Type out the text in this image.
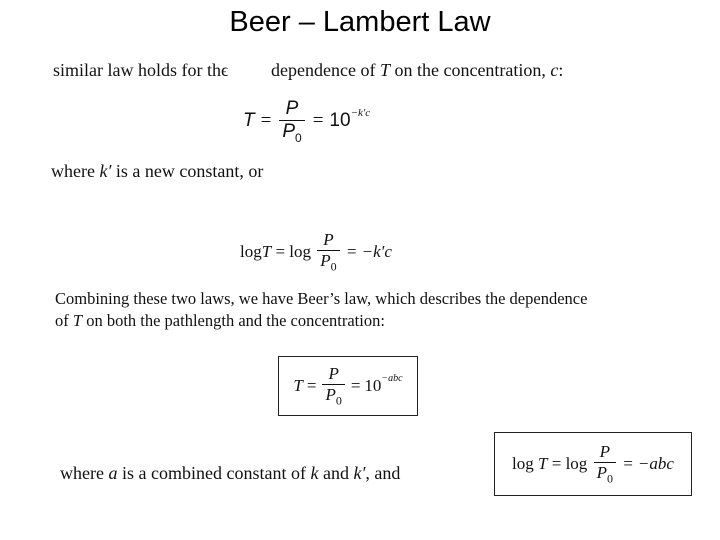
Beer – Lambert Law
similar law holds for thϵ dependence of T on the concentration, c:
$T = \frac{P}{P_0} = 10 -k'c$
where k′ is a new constant, or
$\log T = \log \frac{P}{P_0} = -k'c$
Combining these two laws, we have Beer’s law, which describes the dependence
of T on both the pathlength and the concentration:
$T = \frac{P}{P_0} = 10 -abc$
where a is a combined constant of k and k′, and	$\log T = \log \frac{P}{P_0} = -abc$
